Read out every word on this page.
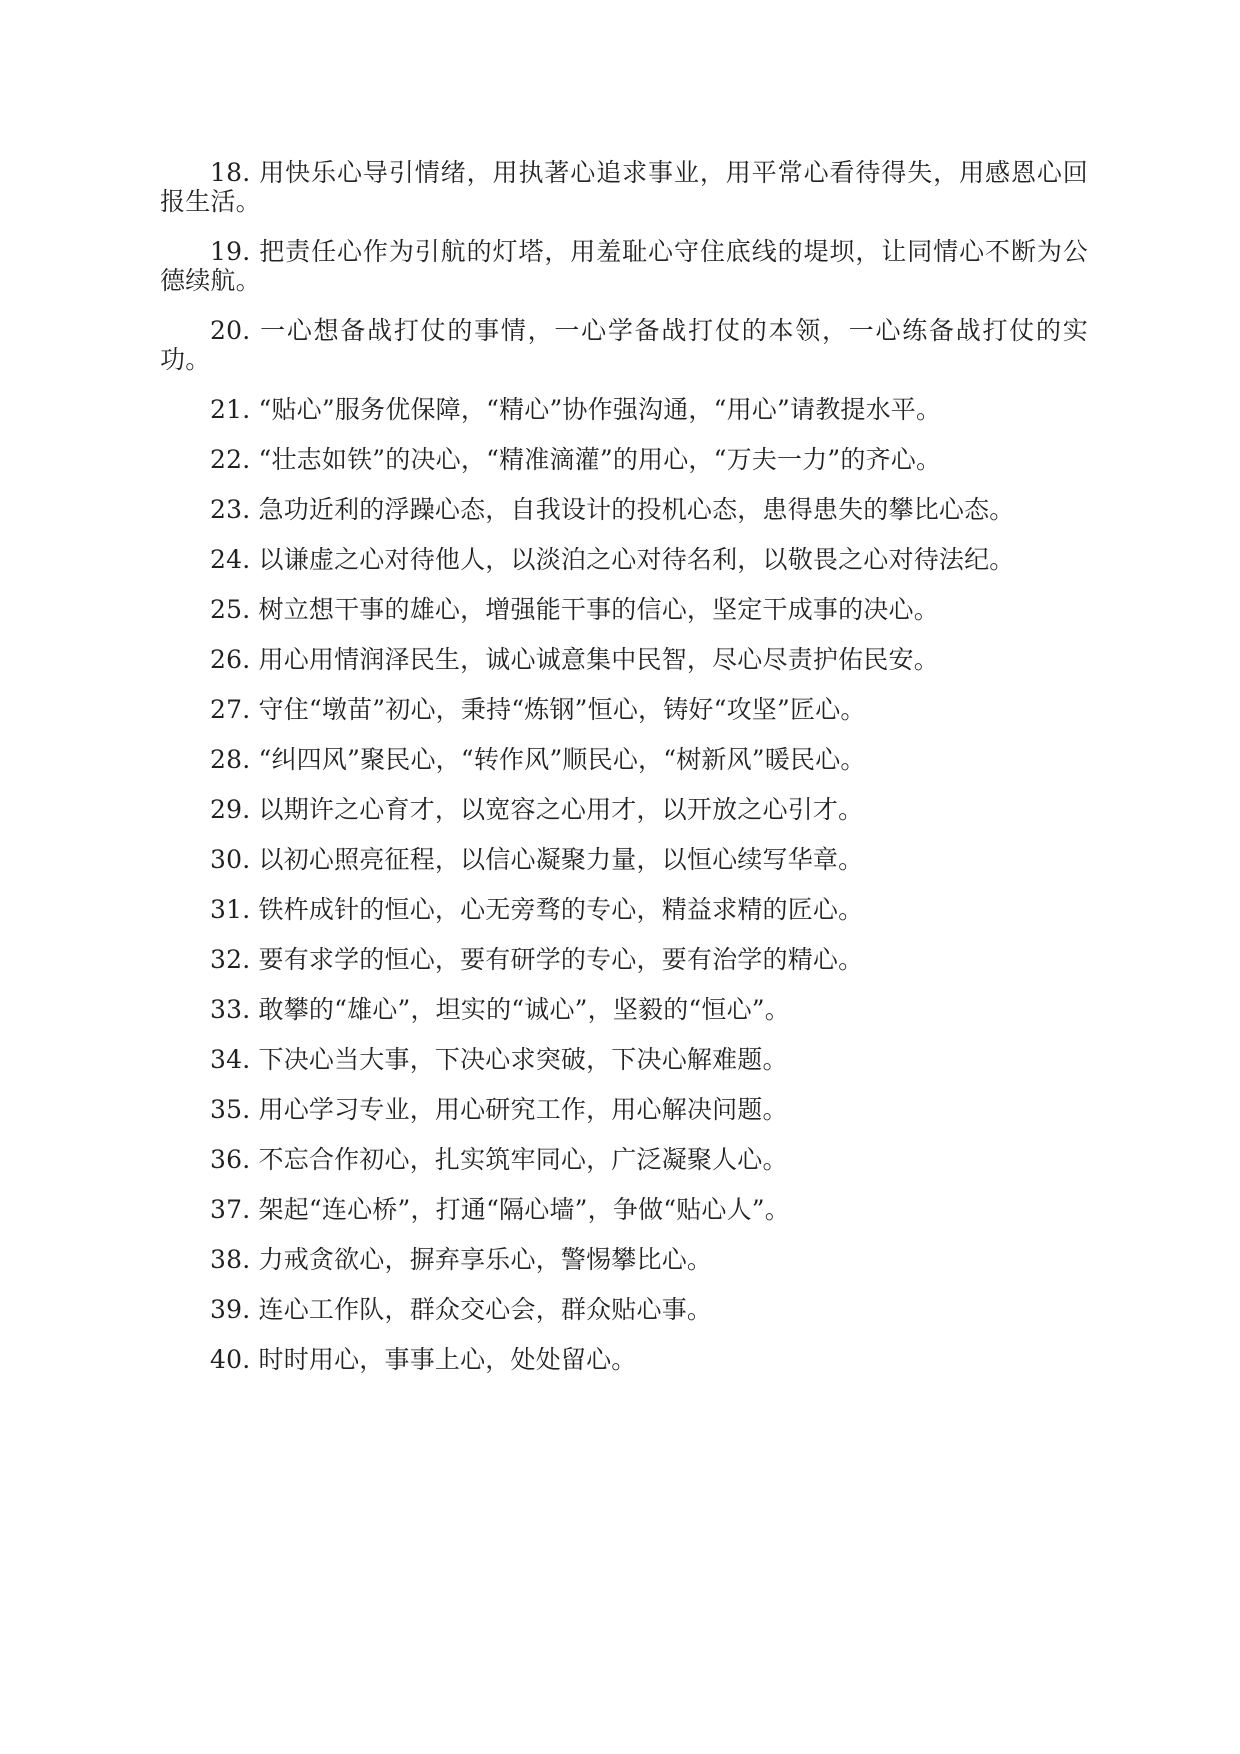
18. 用快乐心导引情绪，用执著心追求事业，用平常心看待得失，用感恩心回报生活。

19. 把责任心作为引航的灯塔，用羞耻心守住底线的堤坝，让同情心不断为公德续航。

20. 一心想备战打仗的事情，一心学备战打仗的本领，一心练备战打仗的实功。

21. “贴心”服务优保障，“精心”协作强沟通，“用心”请教提水平。

22. “壮志如铁”的决心，“精准滴灌”的用心，“万夫一力”的齐心。

23. 急功近利的浮躁心态，自我设计的投机心态，患得患失的攀比心态。

24. 以谦虚之心对待他人，以淡泊之心对待名利，以敬畏之心对待法纪。

25. 树立想干事的雄心，增强能干事的信心，坚定干成事的决心。

26. 用心用情润泽民生，诚心诚意集中民智，尽心尽责护佑民安。

27. 守住“墩苗”初心，秉持“炼钢”恒心，铸好“攻坚”匠心。

28. “纠四风”聚民心，“转作风”顺民心，“树新风”暖民心。

29. 以期许之心育才，以宽容之心用才，以开放之心引才。

30. 以初心照亮征程，以信心凝聚力量，以恒心续写华章。

31. 铁杵成针的恒心，心无旁骛的专心，精益求精的匠心。

32. 要有求学的恒心，要有研学的专心，要有治学的精心。

33. 敢攀的“雄心”，坦实的“诚心”，坚毅的“恒心”。

34. 下决心当大事，下决心求突破，下决心解难题。

35. 用心学习专业，用心研究工作，用心解决问题。

36. 不忘合作初心，扎实筑牢同心，广泛凝聚人心。

37. 架起“连心桥”，打通“隔心墙”，争做“贴心人”。

38. 力戒贪欲心，摒弃享乐心，警惕攀比心。

39. 连心工作队，群众交心会，群众贴心事。

40. 时时用心，事事上心，处处留心。
